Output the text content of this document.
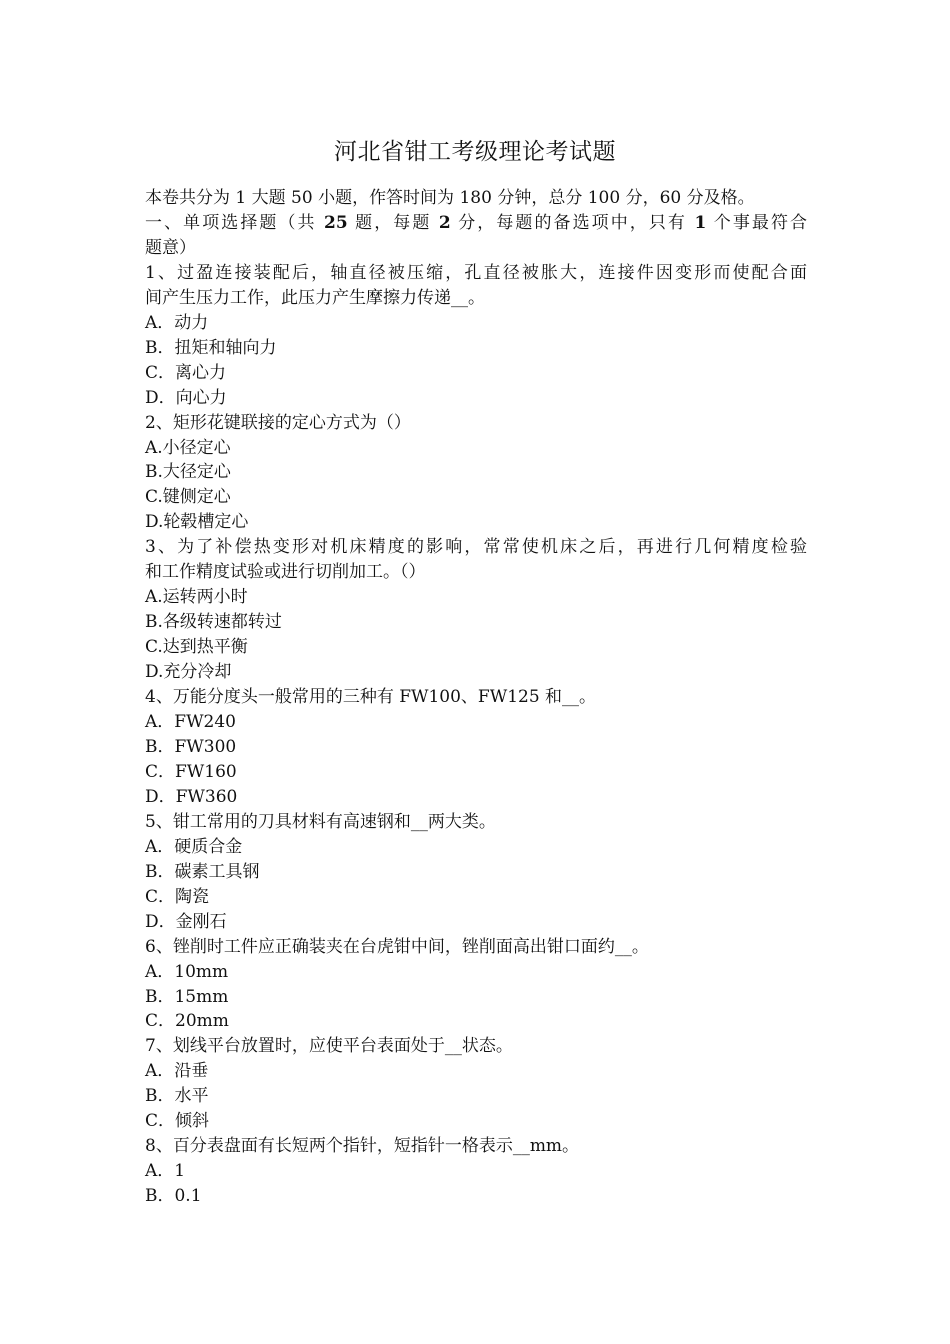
河北省钳工考级理论考试题
本卷共分为 1 大题 50 小题，作答时间为 180 分钟，总分 100 分，60 分及格。
一、单项选择题（共 25 题，每题 2 分，每题的备选项中，只有 1 个事最符合
题意）
1、过盈连接装配后，轴直径被压缩，孔直径被胀大，连接件因变形而使配合面
间产生压力工作，此压力产生摩擦力传递__。
A．动力
B．扭矩和轴向力
C．离心力
D．向心力
2、矩形花键联接的定心方式为（）
A.小径定心
B.大径定心
C.键侧定心
D.轮毂槽定心
3、为了补偿热变形对机床精度的影响，常常使机床之后，再进行几何精度检验
和工作精度试验或进行切削加工。（）
A.运转两小时
B.各级转速都转过
C.达到热平衡
D.充分冷却
4、万能分度头一般常用的三种有 FW100、FW125 和__。
A．FW240
B．FW300
C．FW160
D．FW360
5、钳工常用的刀具材料有高速钢和__两大类。
A．硬质合金
B．碳素工具钢
C．陶瓷
D．金刚石
6、锉削时工件应正确装夹在台虎钳中间，锉削面高出钳口面约__。
A．10mm
B．15mm
C．20mm
7、划线平台放置时，应使平台表面处于__状态。
A．沿垂
B．水平
C．倾斜
8、百分表盘面有长短两个指针，短指针一格表示__mm。
A．1
B．0.1
